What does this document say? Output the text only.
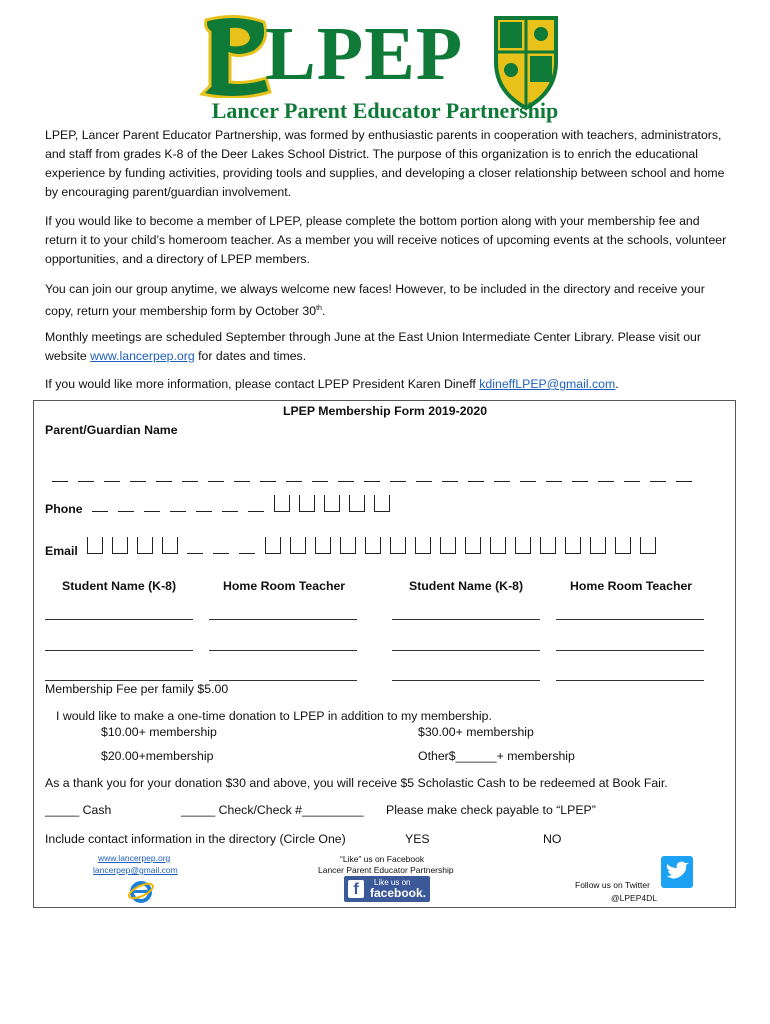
LPEP
Lancer Parent Educator Partnership
LPEP, Lancer Parent Educator Partnership, was formed by enthusiastic parents in cooperation with teachers, administrators, and staff from grades K-8 of the Deer Lakes School District. The purpose of this organization is to enrich the educational experience by funding activities, providing tools and supplies, and developing a closer relationship between school and home by encouraging parent/guardian involvement.
If you would like to become a member of LPEP, please complete the bottom portion along with your membership fee and return it to your child’s homeroom teacher. As a member you will receive notices of upcoming events at the schools, volunteer opportunities, and a directory of LPEP members.
You can join our group anytime, we always welcome new faces! However, to be included in the directory and receive your copy, return your membership form by October 30th.
Monthly meetings are scheduled September through June at the East Union Intermediate Center Library. Please visit our website www.lancerpep.org for dates and times.
If you would like more information, please contact LPEP President Karen Dineff kdineffLPEP@gmail.com.
LPEP Membership Form 2019-2020
Parent/Guardian Name
Phone
Email
Student Name (K-8)	Home Room Teacher	Student Name (K-8)	Home Room Teacher
Membership Fee per family $5.00
I would like to make a one-time donation to LPEP in addition to my membership.
$10.00+ membership	$30.00+ membership
$20.00+membership	Other$______+ membership
As a thank you for your donation $30 and above, you will receive $5 Scholastic Cash to be redeemed at Book Fair.
_____ Cash	_____ Check/Check #_________ Please make check payable to “LPEP”
Include contact information in the directory (Circle One)	YES	NO
www.lancerpep.org
lancerpep@gmail.com
“Like” us on Facebook
Lancer Parent Educator Partnership
f	Like us on
facebook.
Follow us on Twitter
@LPEP4DL
